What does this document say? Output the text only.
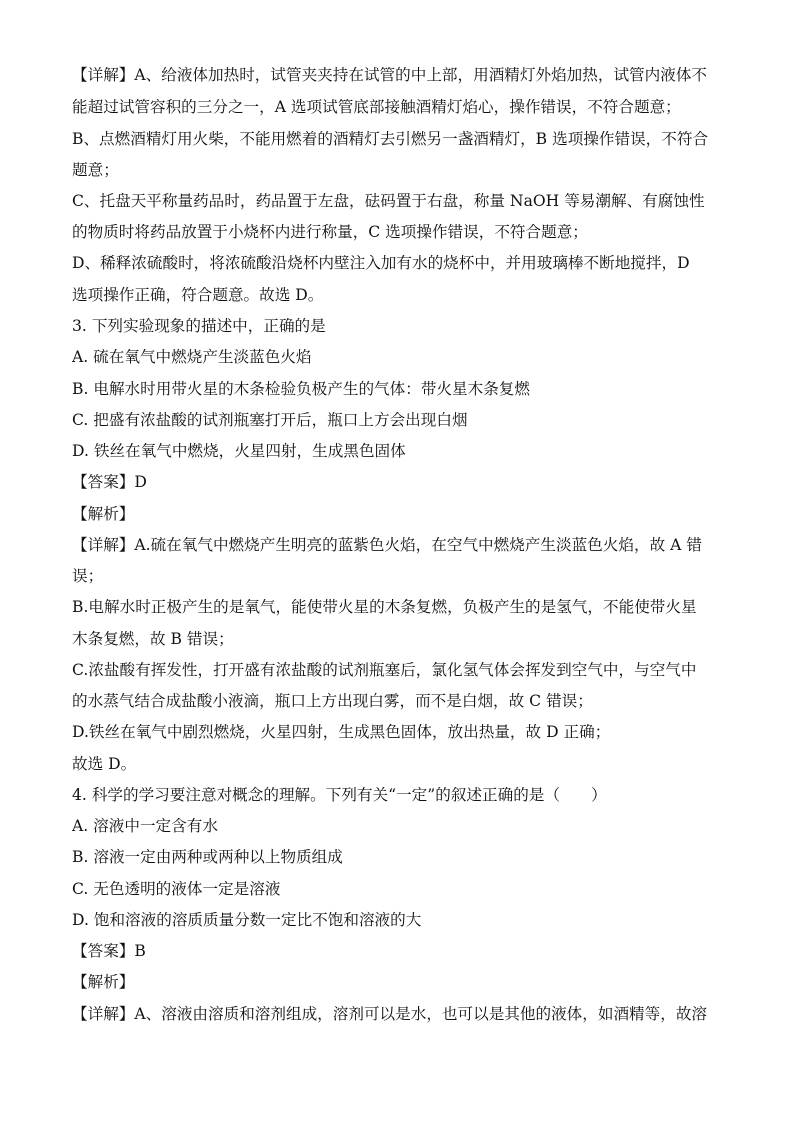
【详解】A、给液体加热时，试管夹夹持在试管的中上部，用酒精灯外焰加热，试管内液体不
能超过试管容积的三分之一，A 选项试管底部接触酒精灯焰心，操作错误，不符合题意；
B、点燃酒精灯用火柴，不能用燃着的酒精灯去引燃另一盏酒精灯，B 选项操作错误，不符合
题意；
C、托盘天平称量药品时，药品置于左盘，砝码置于右盘，称量 NaOH 等易潮解、有腐蚀性
的物质时将药品放置于小烧杯内进行称量，C 选项操作错误，不符合题意；
D、稀释浓硫酸时，将浓硫酸沿烧杯内壁注入加有水的烧杯中，并用玻璃棒不断地搅拌，D
选项操作正确，符合题意。故选 D。
3. 下列实验现象的描述中，正确的是
A. 硫在氧气中燃烧产生淡蓝色火焰
B. 电解水时用带火星的木条检验负极产生的气体：带火星木条复燃
C. 把盛有浓盐酸的试剂瓶塞打开后，瓶口上方会出现白烟
D. 铁丝在氧气中燃烧，火星四射，生成黑色固体
【答案】D
【解析】
【详解】A.硫在氧气中燃烧产生明亮的蓝紫色火焰，在空气中燃烧产生淡蓝色火焰，故 A 错
误；
B.电解水时正极产生的是氧气，能使带火星的木条复燃，负极产生的是氢气，不能使带火星
木条复燃，故 B 错误；
C.浓盐酸有挥发性，打开盛有浓盐酸的试剂瓶塞后，氯化氢气体会挥发到空气中，与空气中
的水蒸气结合成盐酸小液滴，瓶口上方出现白雾，而不是白烟，故 C 错误；
D.铁丝在氧气中剧烈燃烧，火星四射，生成黑色固体，放出热量，故 D 正确；
故选 D。
4. 科学的学习要注意对概念的理解。下列有关“一定”的叙述正确的是（　　）
A. 溶液中一定含有水
B. 溶液一定由两种或两种以上物质组成
C. 无色透明的液体一定是溶液
D. 饱和溶液的溶质质量分数一定比不饱和溶液的大
【答案】B
【解析】
【详解】A、溶液由溶质和溶剂组成，溶剂可以是水，也可以是其他的液体，如酒精等，故溶
